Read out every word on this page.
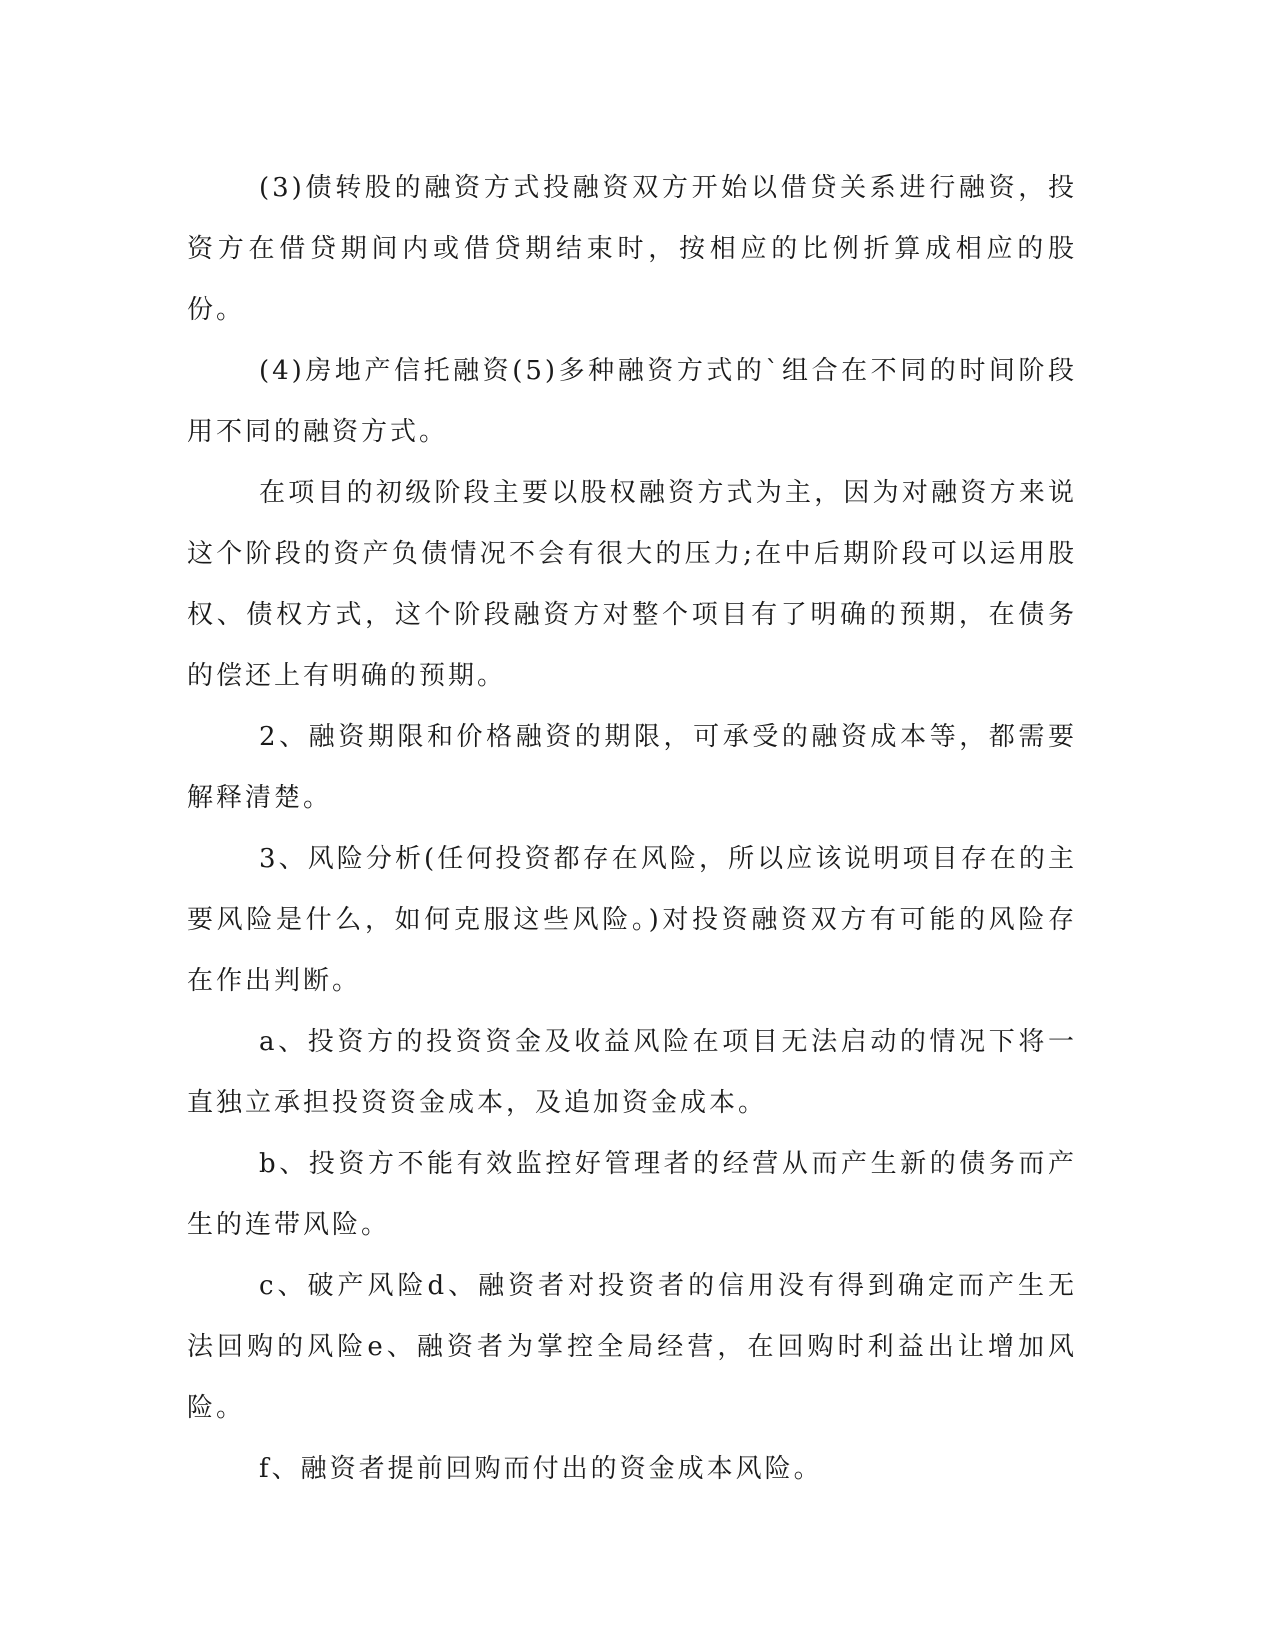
(3)债转股的融资方式投融资双方开始以借贷关系进行融资，投资方在借贷期间内或借贷期结束时，按相应的比例折算成相应的股份。

(4)房地产信托融资(5)多种融资方式的`组合在不同的时间阶段用不同的融资方式。

在项目的初级阶段主要以股权融资方式为主，因为对融资方来说这个阶段的资产负债情况不会有很大的压力;在中后期阶段可以运用股权、债权方式，这个阶段融资方对整个项目有了明确的预期，在债务的偿还上有明确的预期。

2、融资期限和价格融资的期限，可承受的融资成本等，都需要解释清楚。

3、风险分析(任何投资都存在风险，所以应该说明项目存在的主要风险是什么，如何克服这些风险。)对投资融资双方有可能的风险存在作出判断。

a、投资方的投资资金及收益风险在项目无法启动的情况下将一直独立承担投资资金成本，及追加资金成本。

b、投资方不能有效监控好管理者的经营从而产生新的债务而产生的连带风险。

c、破产风险d、融资者对投资者的信用没有得到确定而产生无法回购的风险e、融资者为掌控全局经营，在回购时利益出让增加风险。

f、融资者提前回购而付出的资金成本风险。
